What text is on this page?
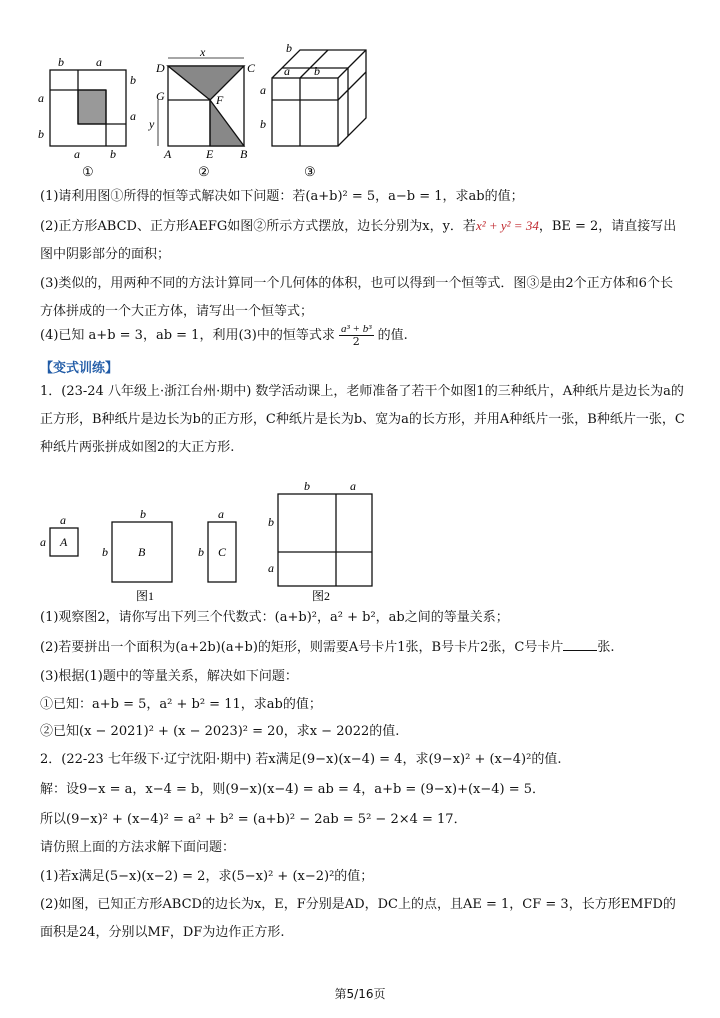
b	a
a
b
a	b
b
a
①
x
y
D	C
G	F
A	E B
②
b
a b
a
b
③
(1)请利用图①所得的恒等式解决如下问题：若(a+b)² = 5，a−b = 1，求ab的值；
(2)正方形ABCD、正方形AEFG如图②所示方式摆放，边长分别为x，y．若x² + y² = 34，BE = 2，请直接写出图中阴影部分的面积；
(3)类似的，用两种不同的方法计算同一个几何体的体积，也可以得到一个恒等式．图③是由2个正方体和6个长方体拼成的一个大正方体，请写出一个恒等式；
(4)已知 a+b = 3，ab = 1，利用(3)中的恒等式求 $\frac{\text{a³ + b³}}{2}$ 的值.
【变式训练】
1．(23-24 八年级上·浙江台州·期中) 数学活动课上，老师准备了若干个如图1的三种纸片，A种纸片是边长为a的正方形，B种纸片是边长为b的正方形，C种纸片是长为b、宽为a的长方形，并用A种纸片一张，B种纸片一张，C种纸片两张拼成如图2的大正方形.
a
a A
b
b	B
a
b C
图1
b	a
b
a
图2
(1)观察图2，请你写出下列三个代数式：(a+b)²，a² + b²，ab之间的等量关系；
(2)若要拼出一个面积为(a+2b)(a+b)的矩形，则需要A号卡片1张，B号卡片2张，C号卡片	张.
(3)根据(1)题中的等量关系，解决如下问题：
①已知：a+b = 5，a² + b² = 11，求ab的值；
②已知(x − 2021)² + (x − 2023)² = 20，求x − 2022的值.
2．(22-23 七年级下·辽宁沈阳·期中) 若x满足(9−x)(x−4) = 4，求(9−x)² + (x−4)²的值.
解：设9−x = a，x−4 = b，则(9−x)(x−4) = ab = 4，a+b = (9−x)+(x−4) = 5．
所以(9−x)² + (x−4)² = a² + b² = (a+b)² − 2ab = 5² − 2×4 = 17．
请仿照上面的方法求解下面问题：
(1)若x满足(5−x)(x−2) = 2，求(5−x)² + (x−2)²的值；
(2)如图，已知正方形ABCD的边长为x，E，F分别是AD，DC上的点，且AE = 1，CF = 3，长方形EMFD的面积是24，分别以MF，DF为边作正方形.
第5/16页
